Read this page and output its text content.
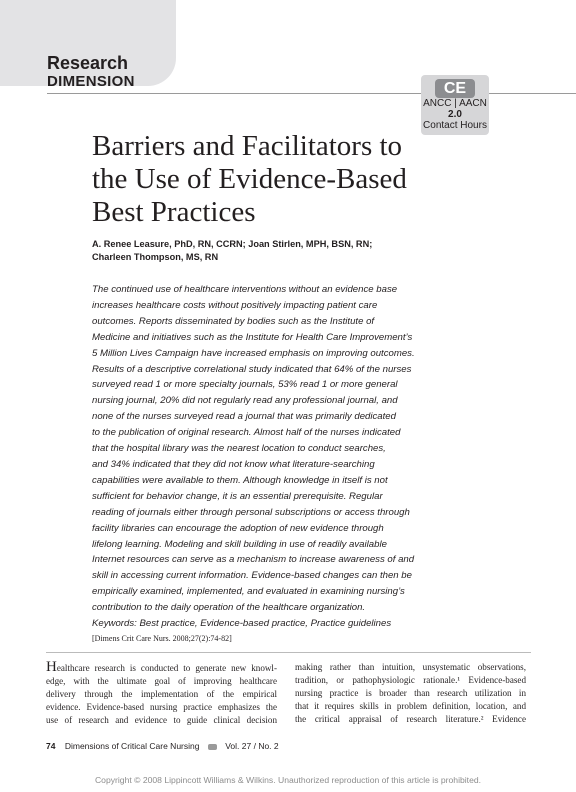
Research
DIMENSION	CE
ANCC | AACN
2.0
Contact Hours
Barriers and Facilitators to
the Use of Evidence-Based
Best Practices
A. Renee Leasure, PhD, RN, CCRN; Joan Stirlen, MPH, BSN, RN;
Charleen Thompson, MS, RN
The continued use of healthcare interventions without an evidence base
increases healthcare costs without positively impacting patient care
outcomes. Reports disseminated by bodies such as the Institute of
Medicine and initiatives such as the Institute for Health Care Improvement’s
5 Million Lives Campaign have increased emphasis on improving outcomes.
Results of a descriptive correlational study indicated that 64% of the nurses
surveyed read 1 or more specialty journals, 53% read 1 or more general
nursing journal, 20% did not regularly read any professional journal, and
none of the nurses surveyed read a journal that was primarily dedicated
to the publication of original research. Almost half of the nurses indicated
that the hospital library was the nearest location to conduct searches,
and 34% indicated that they did not know what literature-searching
capabilities were available to them. Although knowledge in itself is not
sufficient for behavior change, it is an essential prerequisite. Regular
reading of journals either through personal subscriptions or access through
facility libraries can encourage the adoption of new evidence through
lifelong learning. Modeling and skill building in use of readily available
Internet resources can serve as a mechanism to increase awareness of and
skill in accessing current information. Evidence-based changes can then be
empirically examined, implemented, and evaluated in examining nursing’s
contribution to the daily operation of the healthcare organization.
Keywords: Best practice, Evidence-based practice, Practice guidelines
[Dimens Crit Care Nurs. 2008;27(2):74-82]
Healthcare research is conducted to generate new knowl-
edge, with the ultimate goal of improving healthcare
delivery through the implementation of the empirical
evidence. Evidence-based nursing practice emphasizes the
use of research and evidence to guide clinical decision
making rather than intuition, unsystematic observations,
tradition, or pathophysiologic rationale.¹ Evidence-based
nursing practice is broader than research utilization in
that it requires skills in problem definition, location, and
the critical appraisal of research literature.² Evidence
74 Dimensions of Critical Care Nursing	Vol. 27 / No. 2
Copyright © 2008 Lippincott Williams & Wilkins. Unauthorized reproduction of this article is prohibited.
